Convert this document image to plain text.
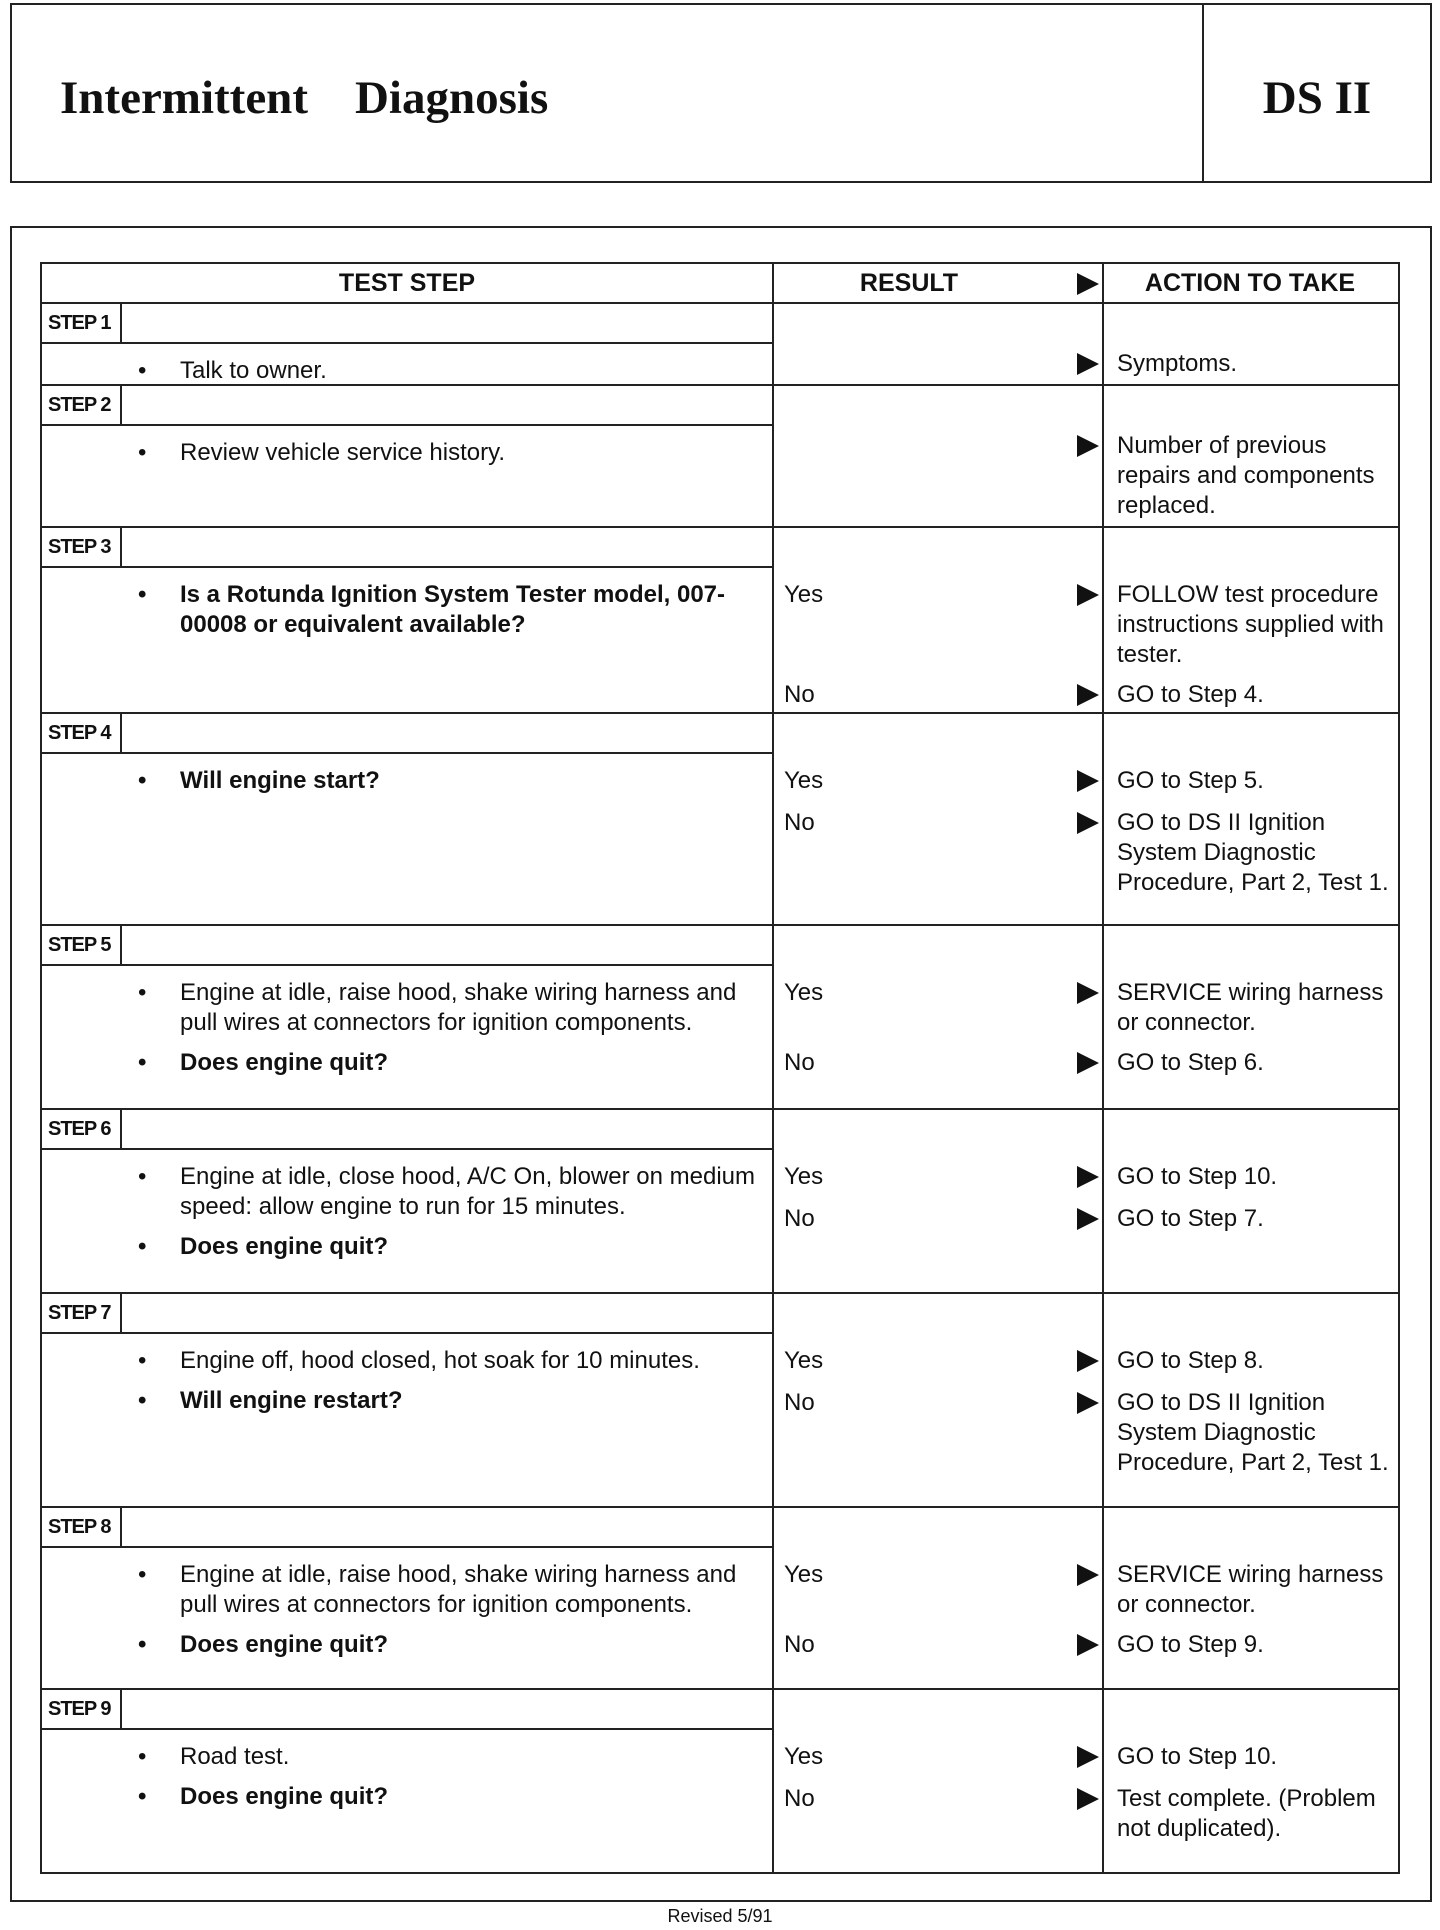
Intermittent    Diagnosis	DS II
TEST STEP	RESULT	ACTION TO TAKE
STEP 1
• Talk to owner.	Symptoms.
STEP 2
• Review vehicle service history.	Number of previous repairs and components replaced.
STEP 3
• Is a Rotunda Ignition System Tester model, 007-00008 or equivalent available?
Yes	FOLLOW test procedure instructions supplied with tester.
No	GO to Step 4.
STEP 4
• Will engine start?	Yes	GO to Step 5.
No	GO to DS II Ignition System Diagnostic Procedure, Part 2, Test 1.
STEP 5
• Engine at idle, raise hood, shake wiring harness and pull wires at connectors for ignition components.
• Does engine quit?
Yes	SERVICE wiring harness or connector.
No	GO to Step 6.
STEP 6
• Engine at idle, close hood, A/C On, blower on medium speed: allow engine to run for 15 minutes.
• Does engine quit?
Yes	GO to Step 10.
No	GO to Step 7.
STEP 7
• Engine off, hood closed, hot soak for 10 minutes.
• Will engine restart?
Yes	GO to Step 8.
No	GO to DS II Ignition System Diagnostic Procedure, Part 2, Test 1.
STEP 8
• Engine at idle, raise hood, shake wiring harness and pull wires at connectors for ignition components.
• Does engine quit?
Yes	SERVICE wiring harness or connector.
No	GO to Step 9.
STEP 9
• Road test.
• Does engine quit?
Yes	GO to Step 10.
No	Test complete. (Problem not duplicated).
Revised 5/91
